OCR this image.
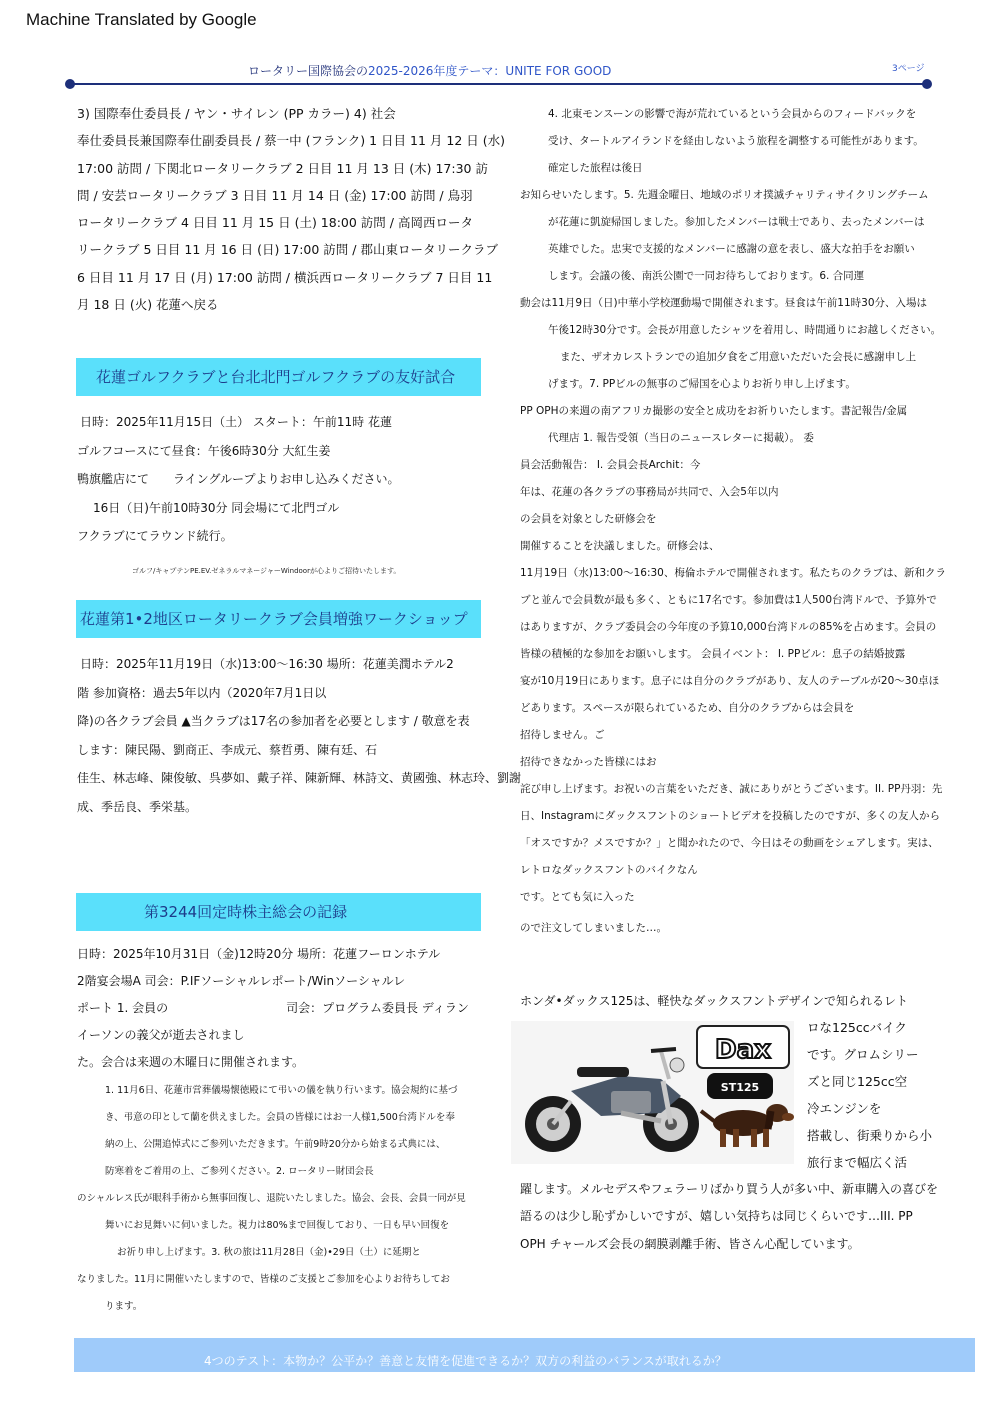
Machine Translated by Google
ロータリー国際協会の2025-2026年度テーマ：UNITE FOR GOOD	3ページ
3) 国際奉仕委員長 / ヤン・サイレン (PP カラー) 4) 社会
奉仕委員長兼国際奉仕副委員長 / 蔡一中 (フランク) 1 日目 11 月 12 日 (水)
17:00 訪問 / 下関北ロータリークラブ 2 日目 11 月 13 日 (木) 17:30 訪
問 / 安芸ロータリークラブ 3 日目 11 月 14 日 (金) 17:00 訪問 / 鳥羽
ロータリークラブ 4 日目 11 月 15 日 (土) 18:00 訪問 / 高岡西ロータ
リークラブ 5 日目 11 月 16 日 (日) 17:00 訪問 / 郡山東ロータリークラブ
6 日目 11 月 17 日 (月) 17:00 訪問 / 横浜西ロータリークラブ 7 日目 11
月 18 日 (火) 花蓮へ戻る
花蓮ゴルフクラブと台北北門ゴルフクラブの友好試合
日時：2025年11月15日（土） スタート：午前11時 花蓮
ゴルフコースにて昼食：午後6時30分 大紅生姜
鴨旗艦店にて　　ライングループよりお申し込みください。
16日（日)午前10時30分 同会場にて北門ゴル
フクラブにてラウンド続行。
ゴルフ/キャプテンPE.EV.ゼネラルマネージャーWindoorが心よりご招待いたします。
花蓮第1•2地区ロータリークラブ会員増強ワークショップ
日時：2025年11月19日（水)13:00～16:30 場所：花蓮美潤ホテル2
階 参加資格：過去5年以内（2020年7月1日以
降)の各クラブ会員 ▲当クラブは17名の参加者を必要とします / 敬意を表
します：陳民陽、劉商正、李成元、蔡哲勇、陳有廷、石
佳生、林志峰、陳俊敏、呉夢如、戴子祥、陳新輝、林詩文、黄國強、林志玲、劉謝
成、季岳良、季栄基。
第3244回定時株主総会の記録
日時：2025年10月31日（金)12時20分 場所：花蓮フーロンホテル
2階宴会場A 司会：P.IFソーシャルレポート/Winソーシャルレ
ポート 1. 会員の	司会：プログラム委員長 ディラン
イーソンの義父が逝去されまし
た。会合は来週の木曜日に開催されます。
1. 11月6日、花蓮市営葬儀場懐徳殿にて弔いの儀を執り行います。協会規約に基づ
き、弔意の印として蘭を供えました。会員の皆様にはお一人様1,500台湾ドルを奉
納の上、公開追悼式にご参列いただきます。午前9時20分から始まる式典には、
防寒着をご着用の上、ご参列ください。2. ロータリー財団会長
のシャルレス氏が眼科手術から無事回復し、退院いたしました。協会、会長、会員一同が見
舞いにお見舞いに伺いました。視力は80%まで回復しており、一日も早い回復を
お祈り申し上げます。3. 秋の旅は11月28日（金)•29日（土）に延期と
なりました。11月に開催いたしますので、皆様のご支援とご参加を心よりお待ちしてお
ります。
4. 北東モンスーンの影響で海が荒れているという会員からのフィードバックを
受け、タートルアイランドを経由しないよう旅程を調整する可能性があります。
確定した旅程は後日
お知らせいたします。5. 先週金曜日、地域のポリオ撲滅チャリティサイクリングチーム
が花蓮に凱旋帰国しました。参加したメンバーは戦士であり、去ったメンバーは
英雄でした。忠実で支援的なメンバーに感謝の意を表し、盛大な拍手をお願い
します。会議の後、南浜公園で一同お待ちしております。6. 合同運
動会は11月9日（日)中華小学校運動場で開催されます。昼食は午前11時30分、入場は
午後12時30分です。会長が用意したシャツを着用し、時間通りにお越しください。
また、ザオカレストランでの追加夕食をご用意いただいた会長に感謝申し上
げます。7. PPビルの無事のご帰国を心よりお祈り申し上げます。
PP OPHの来週の南アフリカ撮影の安全と成功をお祈りいたします。書記報告/金属
代理店 1. 報告受領（当日のニュースレターに掲載）。 委
員会活動報告： I. 会員会長Archit：今
年は、花蓮の各クラブの事務局が共同で、入会5年以内
の会員を対象とした研修会を
開催することを決議しました。研修会は、
11月19日（水)13:00～16:30、梅倫ホテルで開催されます。私たちのクラブは、新和クラ
ブと並んで会員数が最も多く、ともに17名です。参加費は1人500台湾ドルで、予算外で
はありますが、クラブ委員会の今年度の予算10,000台湾ドルの85%を占めます。会員の
皆様の積極的な参加をお願いします。 会員イベント： I. PPビル：息子の結婚披露
宴が10月19日にあります。息子には自分のクラブがあり、友人のテーブルが20～30卓ほ
どあります。スペースが限られているため、自分のクラブからは会員を
招待しません。ご
招待できなかった皆様にはお
詫び申し上げます。お祝いの言葉をいただき、誠にありがとうございます。II. PP丹羽：先
日、Instagramにダックスフントのショートビデオを投稿したのですが、多くの友人から
「オスですか？メスですか？」と聞かれたので、今日はその動画をシェアします。実は、
レトロなダックスフントのバイクなん
です。とても気に入った
ので注文してしまいました…。
ホンダ•ダックス125は、軽快なダックスフントデザインで知られるレト
Dax
ST125
ロな125ccバイク
です。グロムシリー
ズと同じ125cc空
冷エンジンを
搭載し、街乗りから小
旅行まで幅広く活
躍します。メルセデスやフェラーリばかり買う人が多い中、新車購入の喜びを
語るのは少し恥ずかしいですが、嬉しい気持ちは同じくらいです…III. PP
OPH チャールズ会長の網膜剥離手術、皆さん心配しています。
4つのテスト：本物か？公平か？善意と友情を促進できるか？双方の利益のバランスが取れるか？
